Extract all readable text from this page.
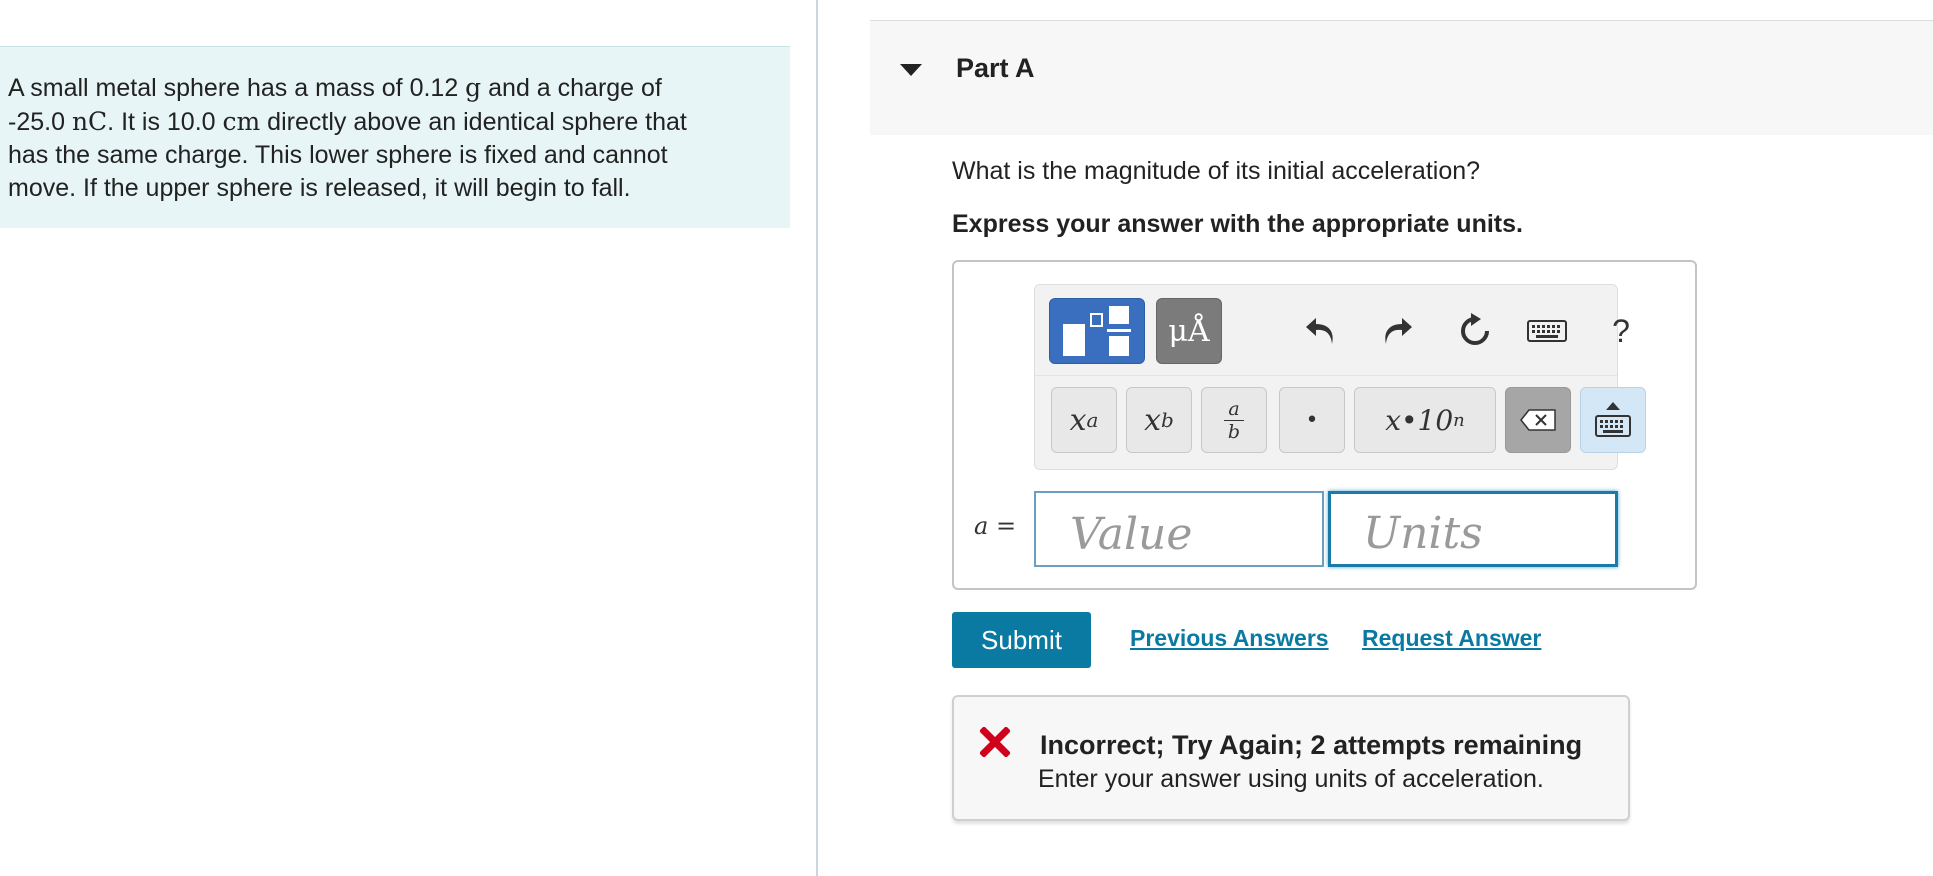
A small metal sphere has a mass of 0.12 g and a charge of
-25.0 nC. It is 10.0 cm directly above an identical sphere that
has the same charge. This lower sphere is fixed and cannot
move. If the upper sphere is released, it will begin to fall.
Part A
What is the magnitude of its initial acceleration?
Express your answer with the appropriate units.
μÅ	?
x a x b	a
b	•	x•10 n
a =
Value
Units
Submit	Previous Answers Request Answer
Incorrect; Try Again; 2 attempts remaining
Enter your answer using units of acceleration.
